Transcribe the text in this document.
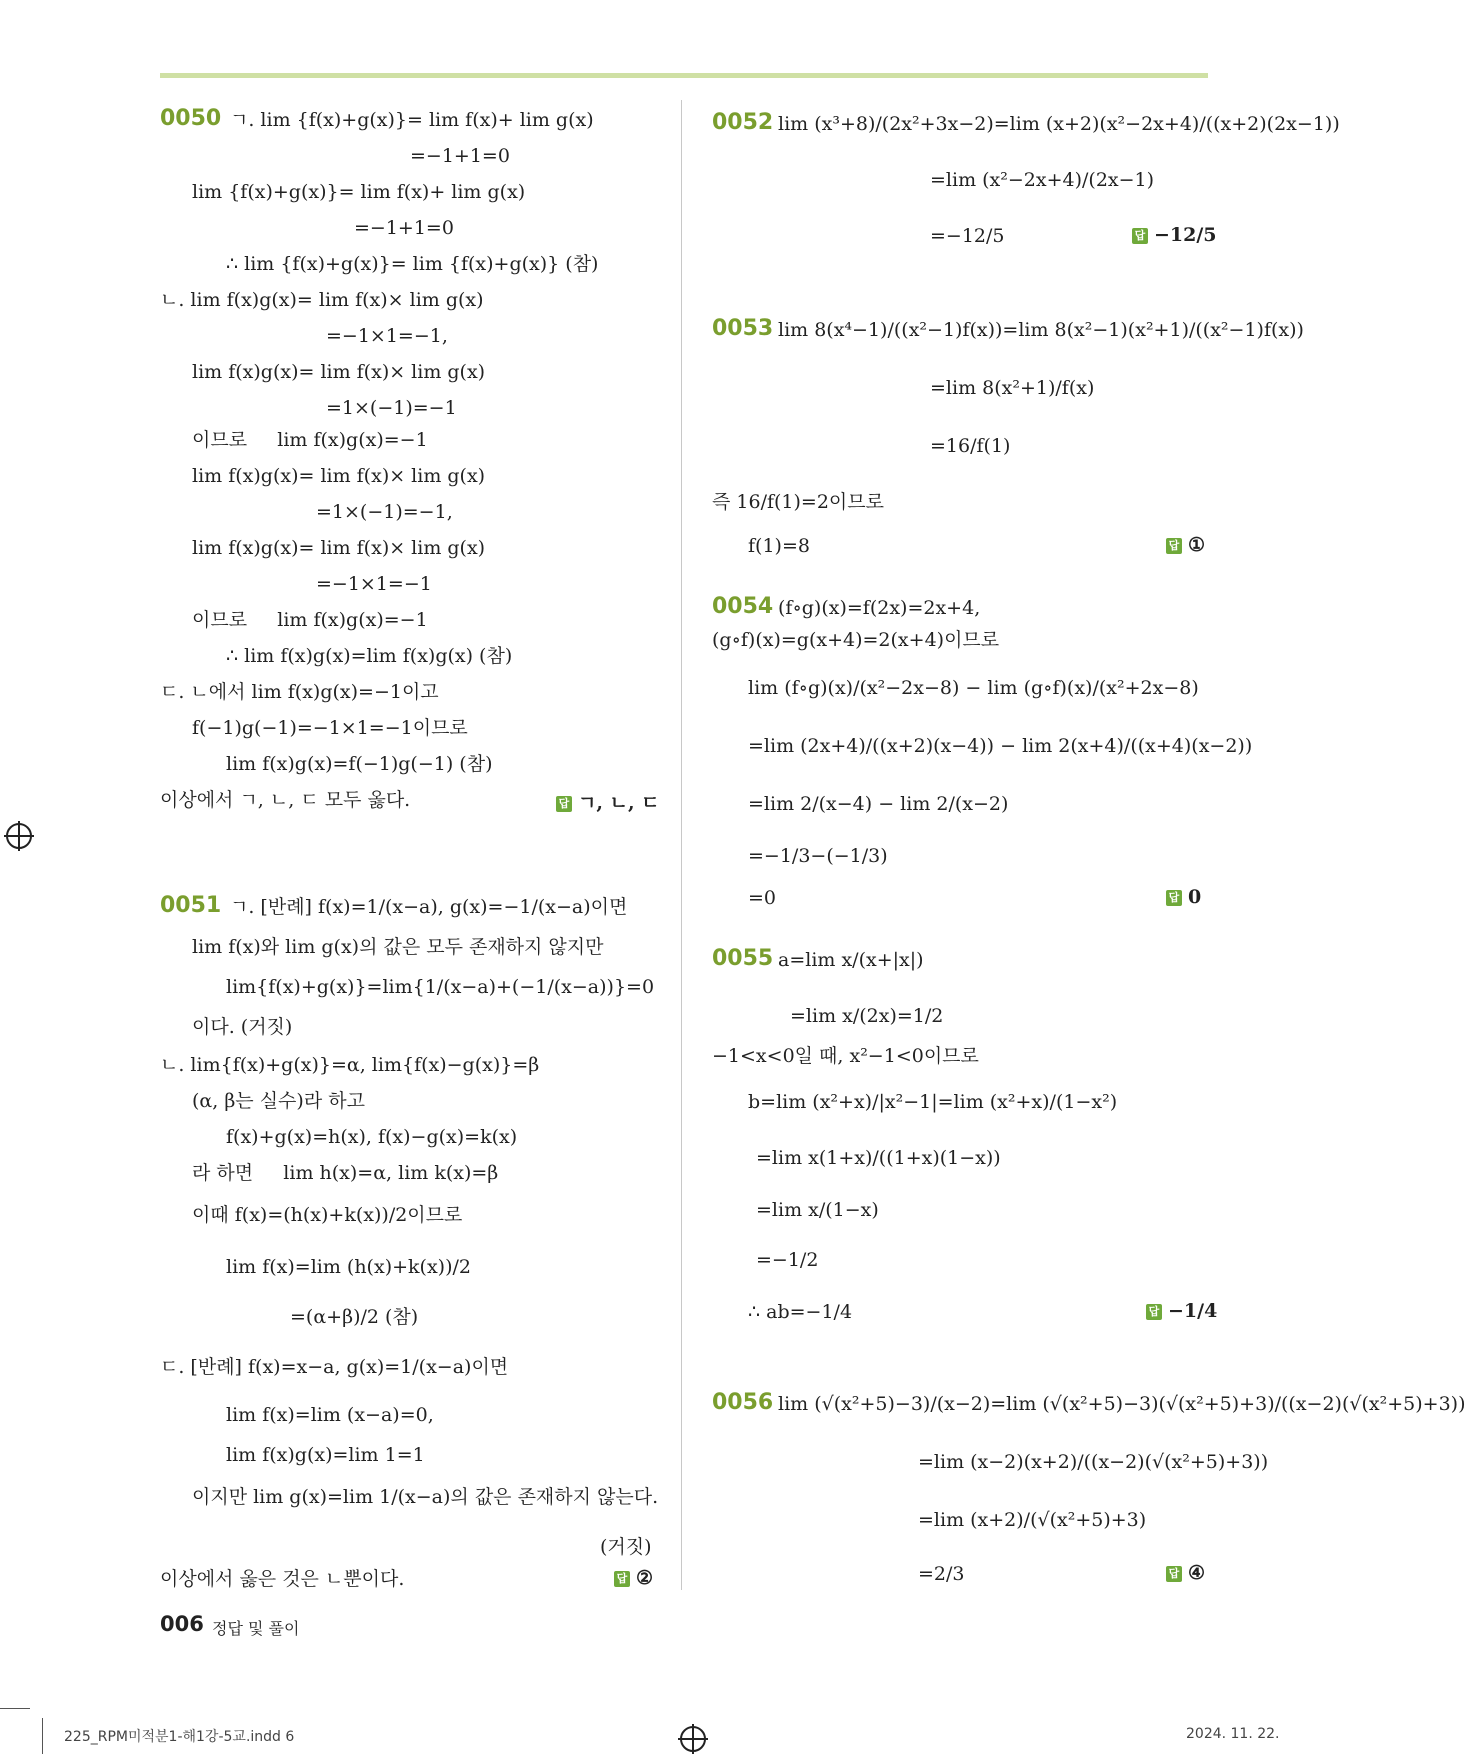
0050 ㄱ. lim {f(x)+g(x)}= lim f(x)+ lim g(x)
=−1+1=0
lim {f(x)+g(x)}= lim f(x)+ lim g(x)
=−1+1=0
∴ lim {f(x)+g(x)}= lim {f(x)+g(x)} (참)
ㄴ. lim f(x)g(x)= lim f(x)× lim g(x)
=−1×1=−1,
lim f(x)g(x)= lim f(x)× lim g(x)
=1×(−1)=−1
이므로     lim f(x)g(x)=−1
lim f(x)g(x)= lim f(x)× lim g(x)
=1×(−1)=−1,
lim f(x)g(x)= lim f(x)× lim g(x)
=−1×1=−1
이므로     lim f(x)g(x)=−1
∴ lim f(x)g(x)=lim f(x)g(x) (참)
ㄷ. ㄴ에서 lim f(x)g(x)=−1이고
f(−1)g(−1)=−1×1=−1이므로
lim f(x)g(x)=f(−1)g(−1) (참)
이상에서 ㄱ, ㄴ, ㄷ 모두 옳다.	답 ㄱ, ㄴ, ㄷ
0051 ㄱ. [반례] f(x)=1/(x−a), g(x)=−1/(x−a)이면
lim f(x)와 lim g(x)의 값은 모두 존재하지 않지만
lim{f(x)+g(x)}=lim{1/(x−a)+(−1/(x−a))}=0
이다. (거짓)
ㄴ. lim{f(x)+g(x)}=α, lim{f(x)−g(x)}=β
(α, β는 실수)라 하고
f(x)+g(x)=h(x), f(x)−g(x)=k(x)
라 하면     lim h(x)=α, lim k(x)=β
이때 f(x)=(h(x)+k(x))/2이므로
lim f(x)=lim (h(x)+k(x))/2
=(α+β)/2 (참)
ㄷ. [반례] f(x)=x−a, g(x)=1/(x−a)이면
lim f(x)=lim (x−a)=0,
lim f(x)g(x)=lim 1=1
이지만 lim g(x)=lim 1/(x−a)의 값은 존재하지 않는다.
(거짓)
이상에서 옳은 것은 ㄴ뿐이다.	답 ②
0052 lim (x³+8)/(2x²+3x−2)=lim (x+2)(x²−2x+4)/((x+2)(2x−1))
=lim (x²−2x+4)/(2x−1)
=−12/5	답 −12/5
0053 lim 8(x⁴−1)/((x²−1)f(x))=lim 8(x²−1)(x²+1)/((x²−1)f(x))
=lim 8(x²+1)/f(x)
=16/f(1)
즉 16/f(1)=2이므로
f(1)=8	답 ①
0054 (f∘g)(x)=f(2x)=2x+4,
(g∘f)(x)=g(x+4)=2(x+4)이므로
lim (f∘g)(x)/(x²−2x−8) − lim (g∘f)(x)/(x²+2x−8)
=lim (2x+4)/((x+2)(x−4)) − lim 2(x+4)/((x+4)(x−2))
=lim 2/(x−4) − lim 2/(x−2)
=−1/3−(−1/3)
=0	답 0
0055 a=lim x/(x+|x|)
=lim x/(2x)=1/2
−1<x<0일 때, x²−1<0이므로
b=lim (x²+x)/|x²−1|=lim (x²+x)/(1−x²)
=lim x(1+x)/((1+x)(1−x))
=lim x/(1−x)
=−1/2
∴ ab=−1/4	답 −1/4
0056 lim (√(x²+5)−3)/(x−2)=lim (√(x²+5)−3)(√(x²+5)+3)/((x−2)(√(x²+5)+3))
=lim (x−2)(x+2)/((x−2)(√(x²+5)+3))
=lim (x+2)/(√(x²+5)+3)
=2/3	답 ④
006 정답 및 풀이
225_RPM미적분1-해1강-5교.indd 6	2024. 11. 22.
